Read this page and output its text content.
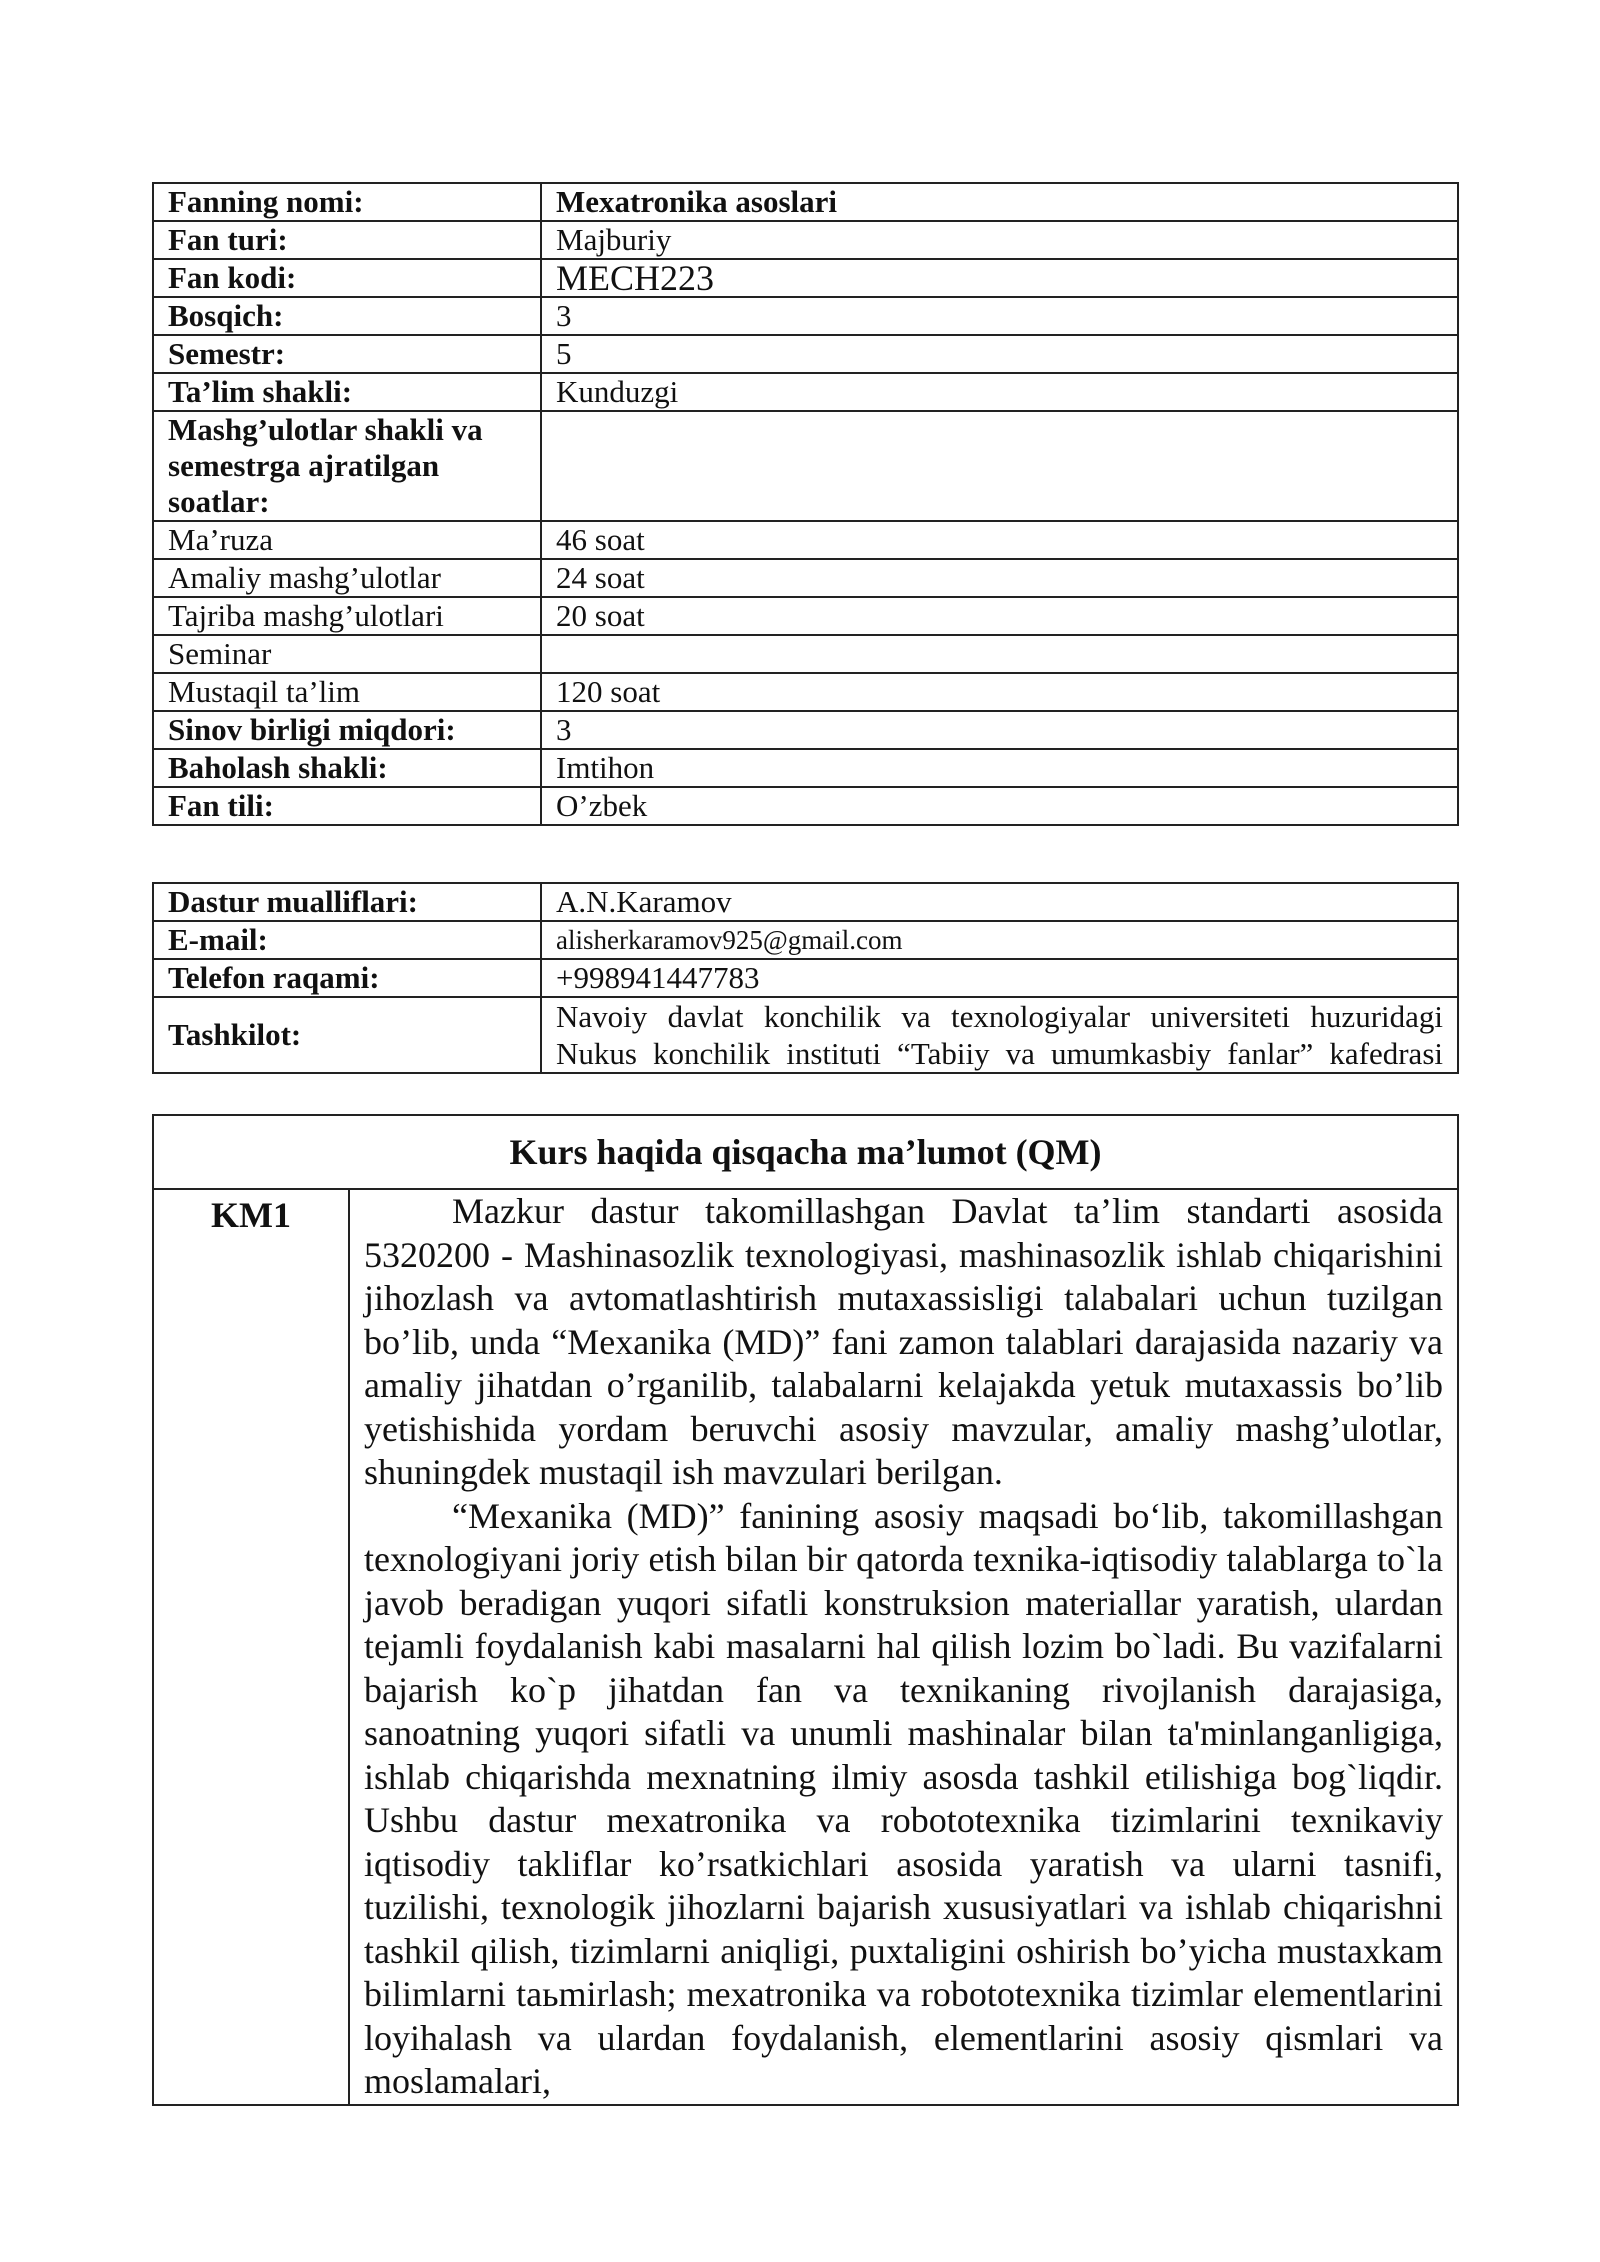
Fanning nomi:	Mexatronika asoslari
Fan turi:	Majburiy
Fan kodi:	MECH223
Bosqich:	3
Semestr:	5
Ta’lim shakli:	Kunduzgi
Mashg’ulotlar shakli va semestrga ajratilgan soatlar:	
Ma’ruza	46 soat
Amaliy mashg’ulotlar	24 soat
Tajriba mashg’ulotlari	20 soat
Seminar	
Mustaqil ta’lim	120 soat
Sinov birligi miqdori:	3
Baholash shakli:	Imtihon
Fan tili:	O’zbek
Dastur mualliflari:	A.N.Karamov
E-mail:	alisherkaramov925@gmail.com
Telefon raqami:	+998941447783
Tashkilot:	Navoiy davlat konchilik va texnologiyalar universiteti huzuridagi
Nukus konchilik instituti “Tabiiy va umumkasbiy fanlar” kafedrasi
Kurs haqida qisqacha ma’lumot (QM)
KM1	Mazkur dastur takomillashgan Davlat ta’lim standarti asosida 5320200 - Mashinasozlik texnologiyasi, mashinasozlik ishlab chiqarishini jihozlash va avtomatlashtirish mutaxassisligi talabalari uchun tuzilgan bo’lib, unda “Mexanika (MD)” fani zamon talablari darajasida nazariy va amaliy jihatdan o’rganilib, talabalarni kelajakda yetuk mutaxassis bo’lib yetishishida yordam beruvchi asosiy mavzular, amaliy mashg’ulotlar, shuningdek mustaqil ish mavzulari berilgan.

“Mexanika (MD)” fanining asosiy maqsadi bo‘lib, takomillashgan texnologiyani joriy etish bilan bir qatorda texnika-iqtisodiy talablarga to`la javob beradigan yuqori sifatli konstruksion materiallar yaratish, ulardan tejamli foydalanish kabi masalarni hal qilish lozim bo`ladi. Bu vazifalarni bajarish ko`p jihatdan fan va texnikaning rivojlanish darajasiga, sanoatning yuqori sifatli va unumli mashinalar bilan ta'minlanganligiga, ishlab chiqarishda mexnatning ilmiy asosda tashkil etilishiga bog`liqdir. Ushbu dastur mexatronika va robototexnika tizimlarini texnikaviy iqtisodiy takliflar ko’rsatkichlari asosida yaratish va ularni tasnifi, tuzilishi, texnologik jihozlarni bajarish xususiyatlari va ishlab chiqarishni tashkil qilish, tizimlarni aniqligi, puxtaligini oshirish bo’yicha mustaxkam bilimlarni taьmirlash; mexatronika va robototexnika tizimlar elementlarini loyihalash va ulardan foydalanish, elementlarini asosiy qismlari va moslamalari,
